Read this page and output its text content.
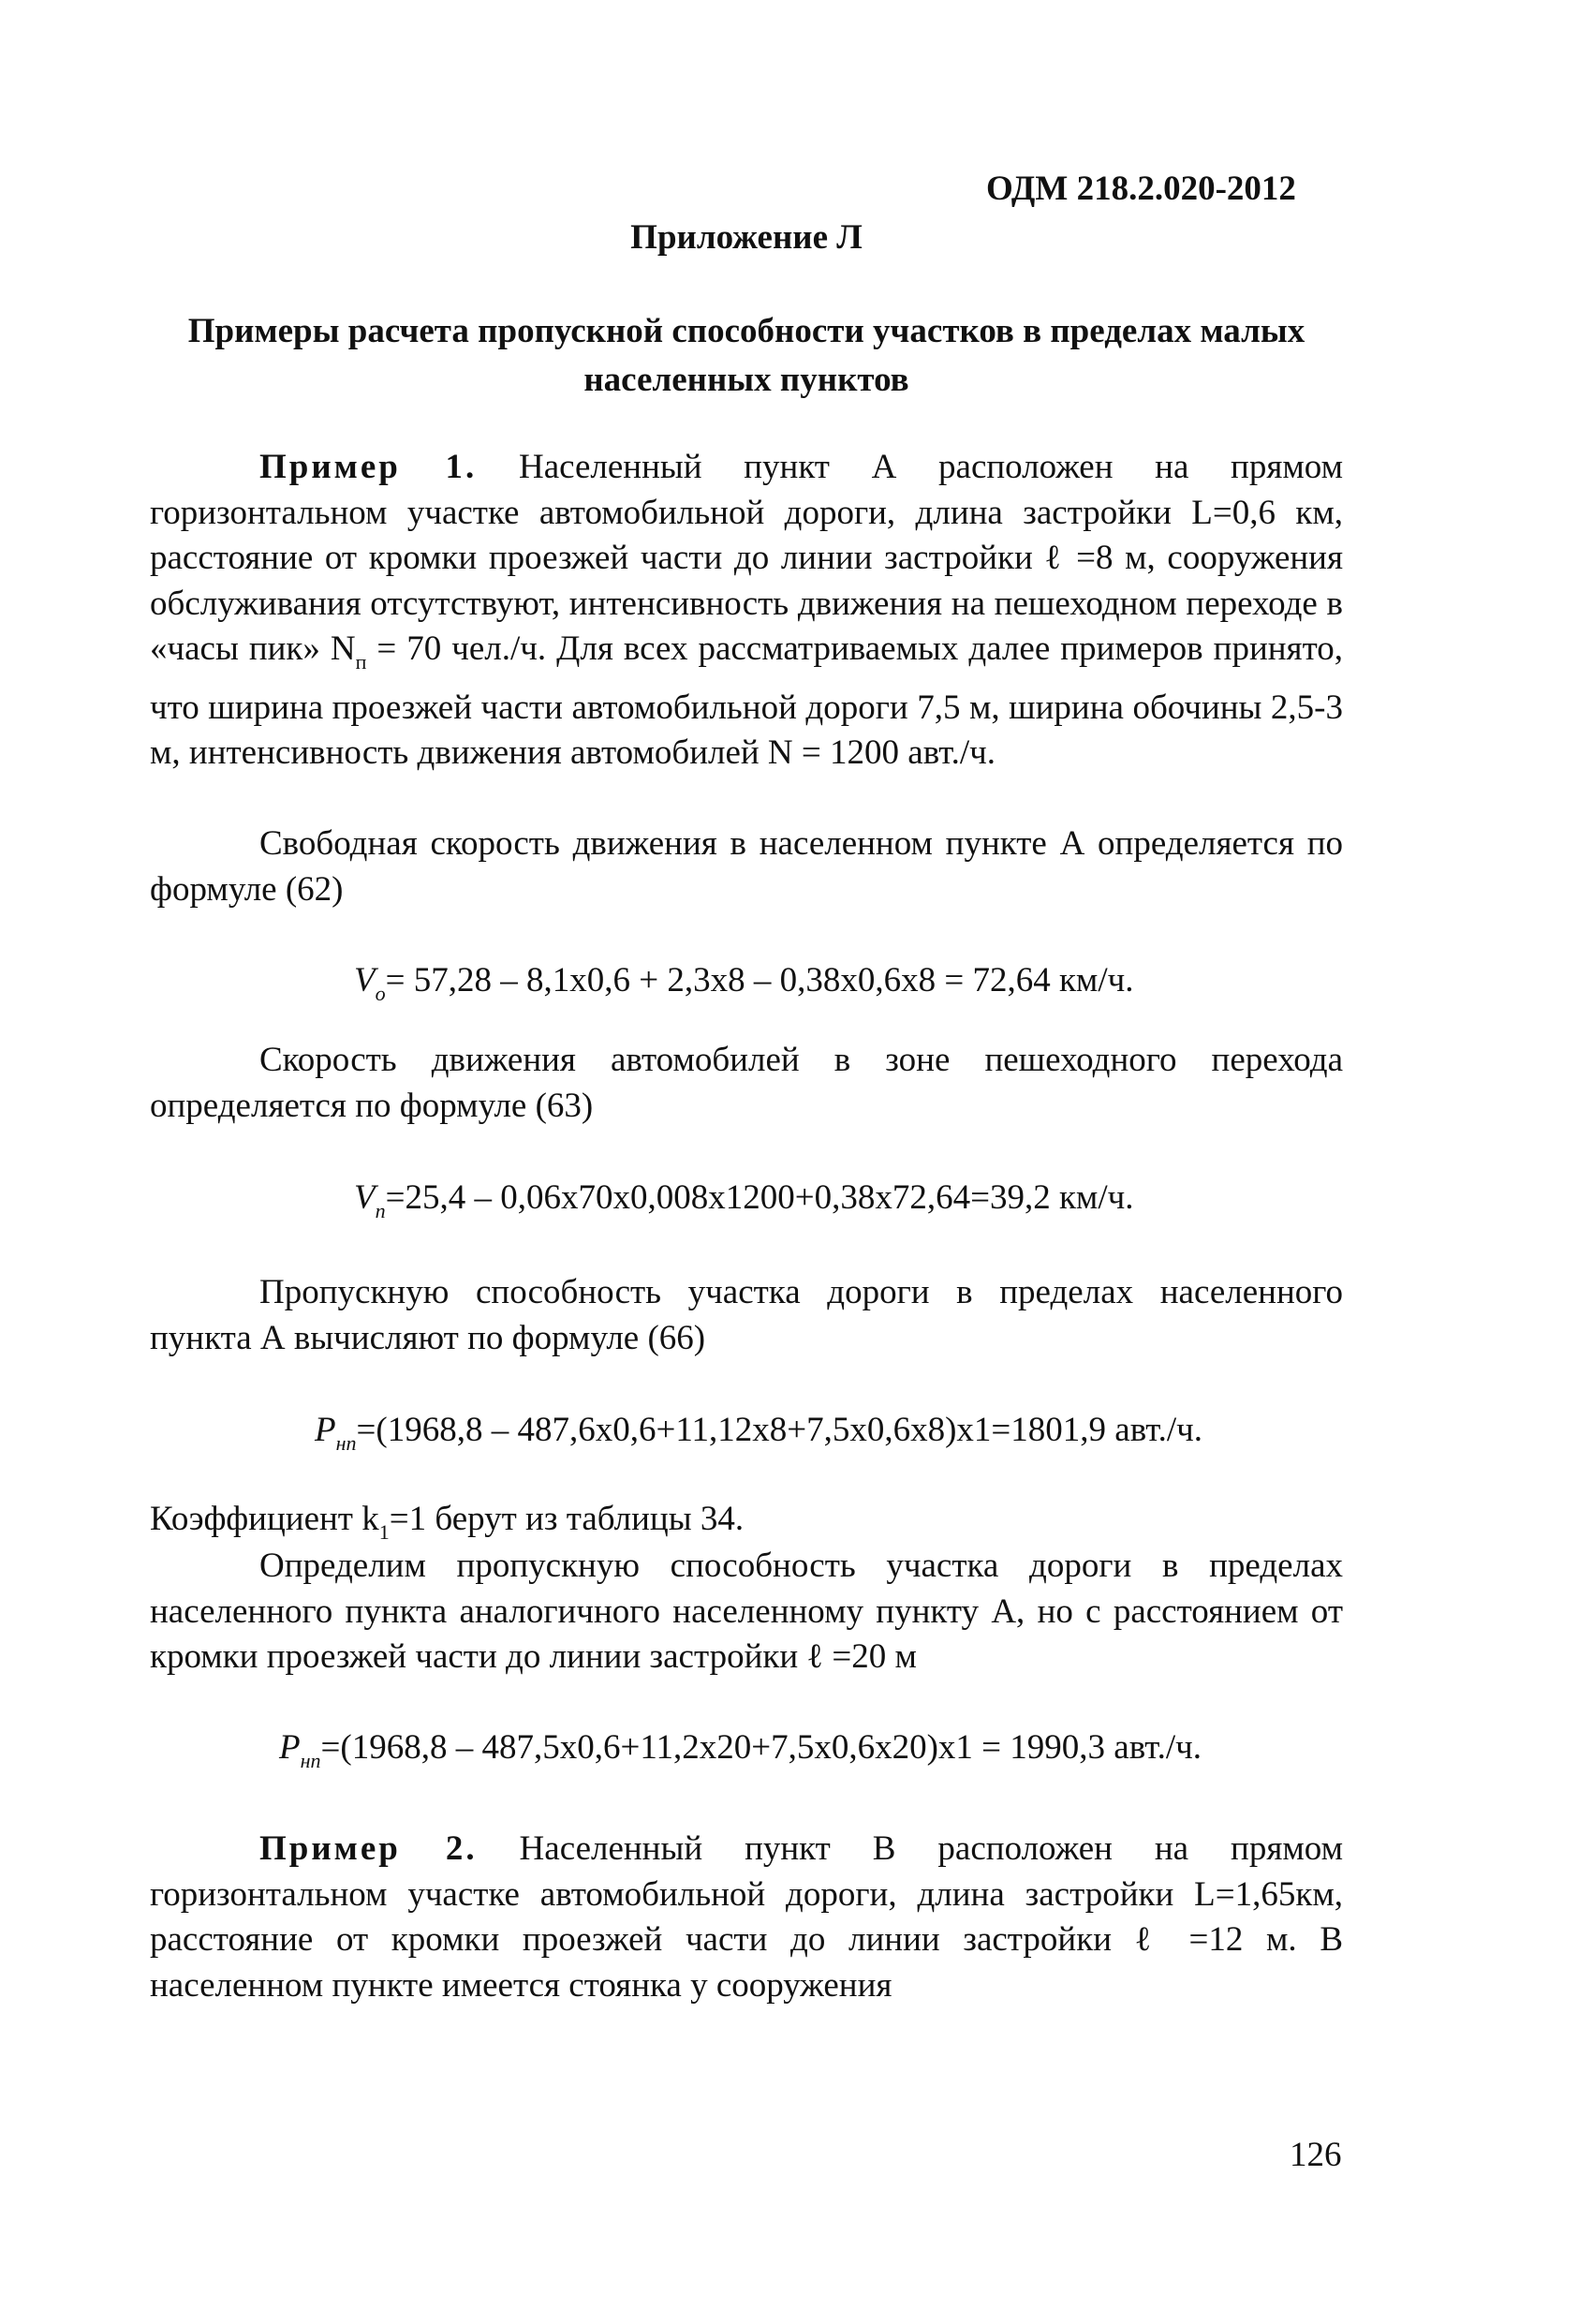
ОДМ 218.2.020-2012
Приложение Л
Примеры расчета пропускной способности участков в пределах малых населенных пунктов
Пример 1. Населенный пункт А расположен на прямом горизонтальном участке автомобильной дороги, длина застройки L=0,6 км, расстояние от кромки проезжей части до линии застройки ℓ =8 м, сооружения обслуживания отсутствуют, интенсивность движения на пешеходном переходе в «часы пик» $N_п = 70$ чел./ч. Для всех рассматриваемых далее примеров принято, что ширина проезжей части автомобильной дороги 7,5 м, ширина обочины 2,5-3 м, интенсивность движения автомобилей N = 1200 авт./ч.
Свободная скорость движения в населенном пункте А определяется по формуле (62)
$V_o= 57,28 - 8,1х0,6 + 2,3х8 - 0,38х0,6х8 = 72,64$ км/ч.
Скорость движения автомобилей в зоне пешеходного перехода определяется по формуле (63)
$V_п=25,4 - 0,06х70х0,008х1200+0,38х72,64=39,2$ км/ч.
Пропускную способность участка дороги в пределах населенного пункта А вычисляют по формуле (66)
$P_{нп}=(1968,8 - 487,6х0,6+11,12х8+7,5х0,6х8)х1=1801,9$ авт./ч.
Коэффициент $k_1=1$ берут из таблицы 34.
Определим пропускную способность участка дороги в пределах населенного пункта аналогичного населенному пункту А, но с расстоянием от кромки проезжей части до линии застройки ℓ =20 м
$P_{нп}=(1968,8 - 487,5х0,6+11,2х20+7,5х0,6х20)х1 = 1990,3$ авт./ч.
Пример 2. Населенный пункт В расположен на прямом горизонтальном участке автомобильной дороги, длина застройки L=1,65км, расстояние от кромки проезжей части до линии застройки ℓ =12 м. В населенном пункте имеется стоянка у сооружения
126
